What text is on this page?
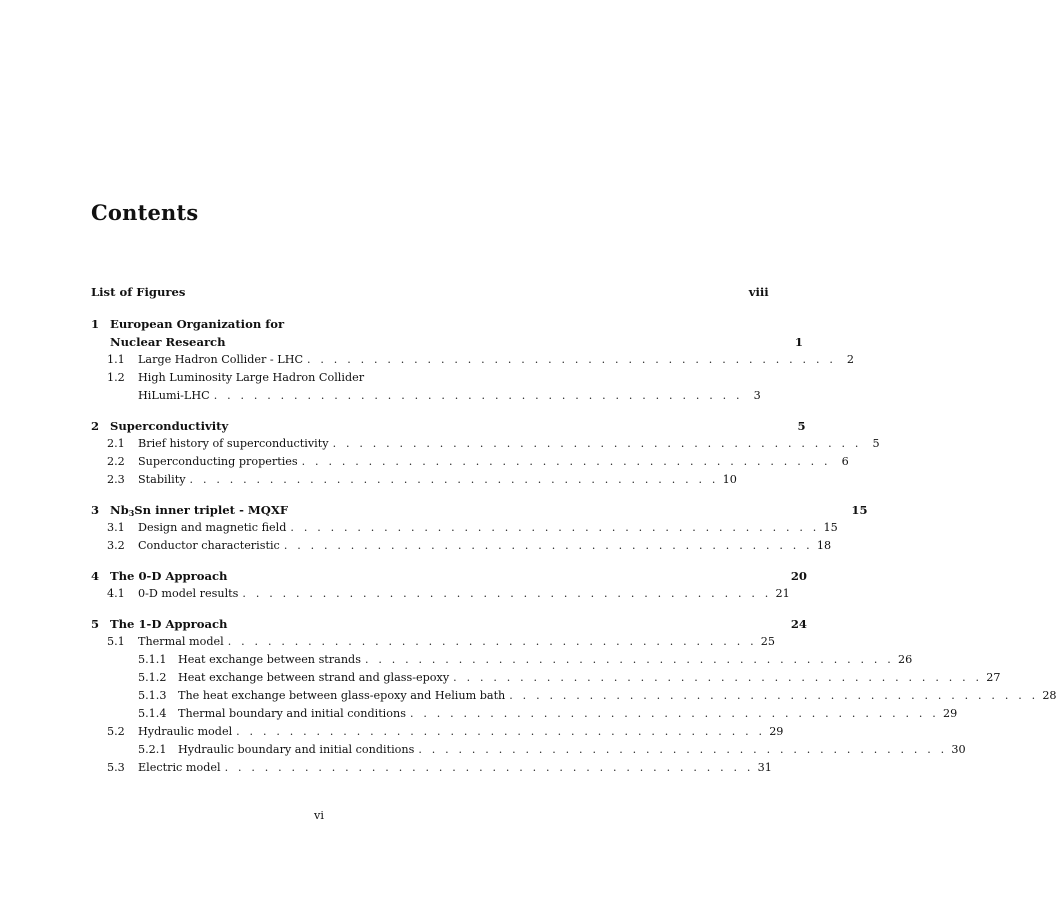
Contents
List of Figures	viii
1 European Organization for
Nuclear Research	1
1.1	Large Hadron Collider - LHC . . . . . . . . . . . . . . . . . . . . . . . . . . . . . . . . . . . . . . . . 2
1.2	High Luminosity Large Hadron Collider
HiLumi-LHC . . . . . . . . . . . . . . . . . . . . . . . . . . . . . . . . . . . . . . . . 3
2 Superconductivity	5
2.1	Brief history of superconductivity . . . . . . . . . . . . . . . . . . . . . . . . . . . . . . . . . . . . . . . . 5
2.2	Superconducting properties . . . . . . . . . . . . . . . . . . . . . . . . . . . . . . . . . . . . . . . . 6
2.3	Stability . . . . . . . . . . . . . . . . . . . . . . . . . . . . . . . . . . . . . . . . 10
3 $Nb_3Sn$ inner triplet - MQXF	15
3.1	Design and magnetic field . . . . . . . . . . . . . . . . . . . . . . . . . . . . . . . . . . . . . . . . 15
3.2	Conductor characteristic . . . . . . . . . . . . . . . . . . . . . . . . . . . . . . . . . . . . . . . . 18
4 The 0-D Approach	20
4.1	0-D model results . . . . . . . . . . . . . . . . . . . . . . . . . . . . . . . . . . . . . . . . 21
5 The 1-D Approach	24
5.1	Thermal model . . . . . . . . . . . . . . . . . . . . . . . . . . . . . . . . . . . . . . . . 25
5.1.1	Heat exchange between strands . . . . . . . . . . . . . . . . . . . . . . . . . . . . . . . . . . . . . . . . 26
5.1.2	Heat exchange between strand and glass-epoxy . . . . . . . . . . . . . . . . . . . . . . . . . . . . . . . . . . . . . . . . 27
5.1.3	The heat exchange between glass-epoxy and Helium bath . . . . . . . . . . . . . . . . . . . . . . . . . . . . . . . . . . . . . . . . 28
5.1.4	Thermal boundary and initial conditions . . . . . . . . . . . . . . . . . . . . . . . . . . . . . . . . . . . . . . . . 29
5.2	Hydraulic model . . . . . . . . . . . . . . . . . . . . . . . . . . . . . . . . . . . . . . . . 29
5.2.1	Hydraulic boundary and initial conditions . . . . . . . . . . . . . . . . . . . . . . . . . . . . . . . . . . . . . . . . 30
5.3	Electric model . . . . . . . . . . . . . . . . . . . . . . . . . . . . . . . . . . . . . . . . 31
vi
